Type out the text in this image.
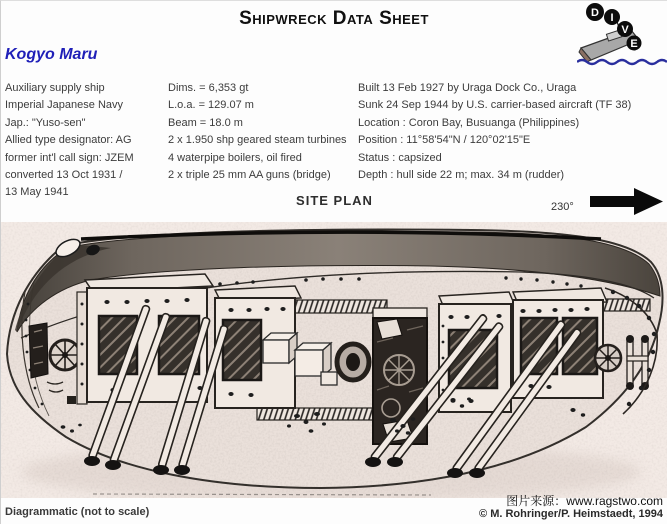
Shipwreck Data Sheet	D I
V
E
Kogyo Maru
Auxiliary supply ship
Imperial Japanese Navy
Jap.: "Yuso-sen"
Allied type designator: AG
former int'l call sign: JZEM
converted 13 Oct 1931 /
13 May 1941
Dims. = 6,353 gt
L.o.a. = 129.07 m
Beam = 18.0 m
2 x 1.950 shp geared steam turbines
4 waterpipe boilers, oil fired
2 x triple 25 mm AA guns (bridge)
Built 13 Feb 1927 by Uraga Dock Co., Uraga
Sunk 24 Sep 1944 by U.S. carrier-based aircraft (TF 38)
Location : Coron Bay, Busuanga (Philippines)
Position : 11°58'54"N / 120°02'15"E
Status : capsized
Depth : hull side 22 m; max. 34 m (rudder)
SITE PLAN	230°
Diagrammatic (not to scale)
图片来源：www.ragstwo.com
© M. Rohringer/P. Heimstaedt, 1994
